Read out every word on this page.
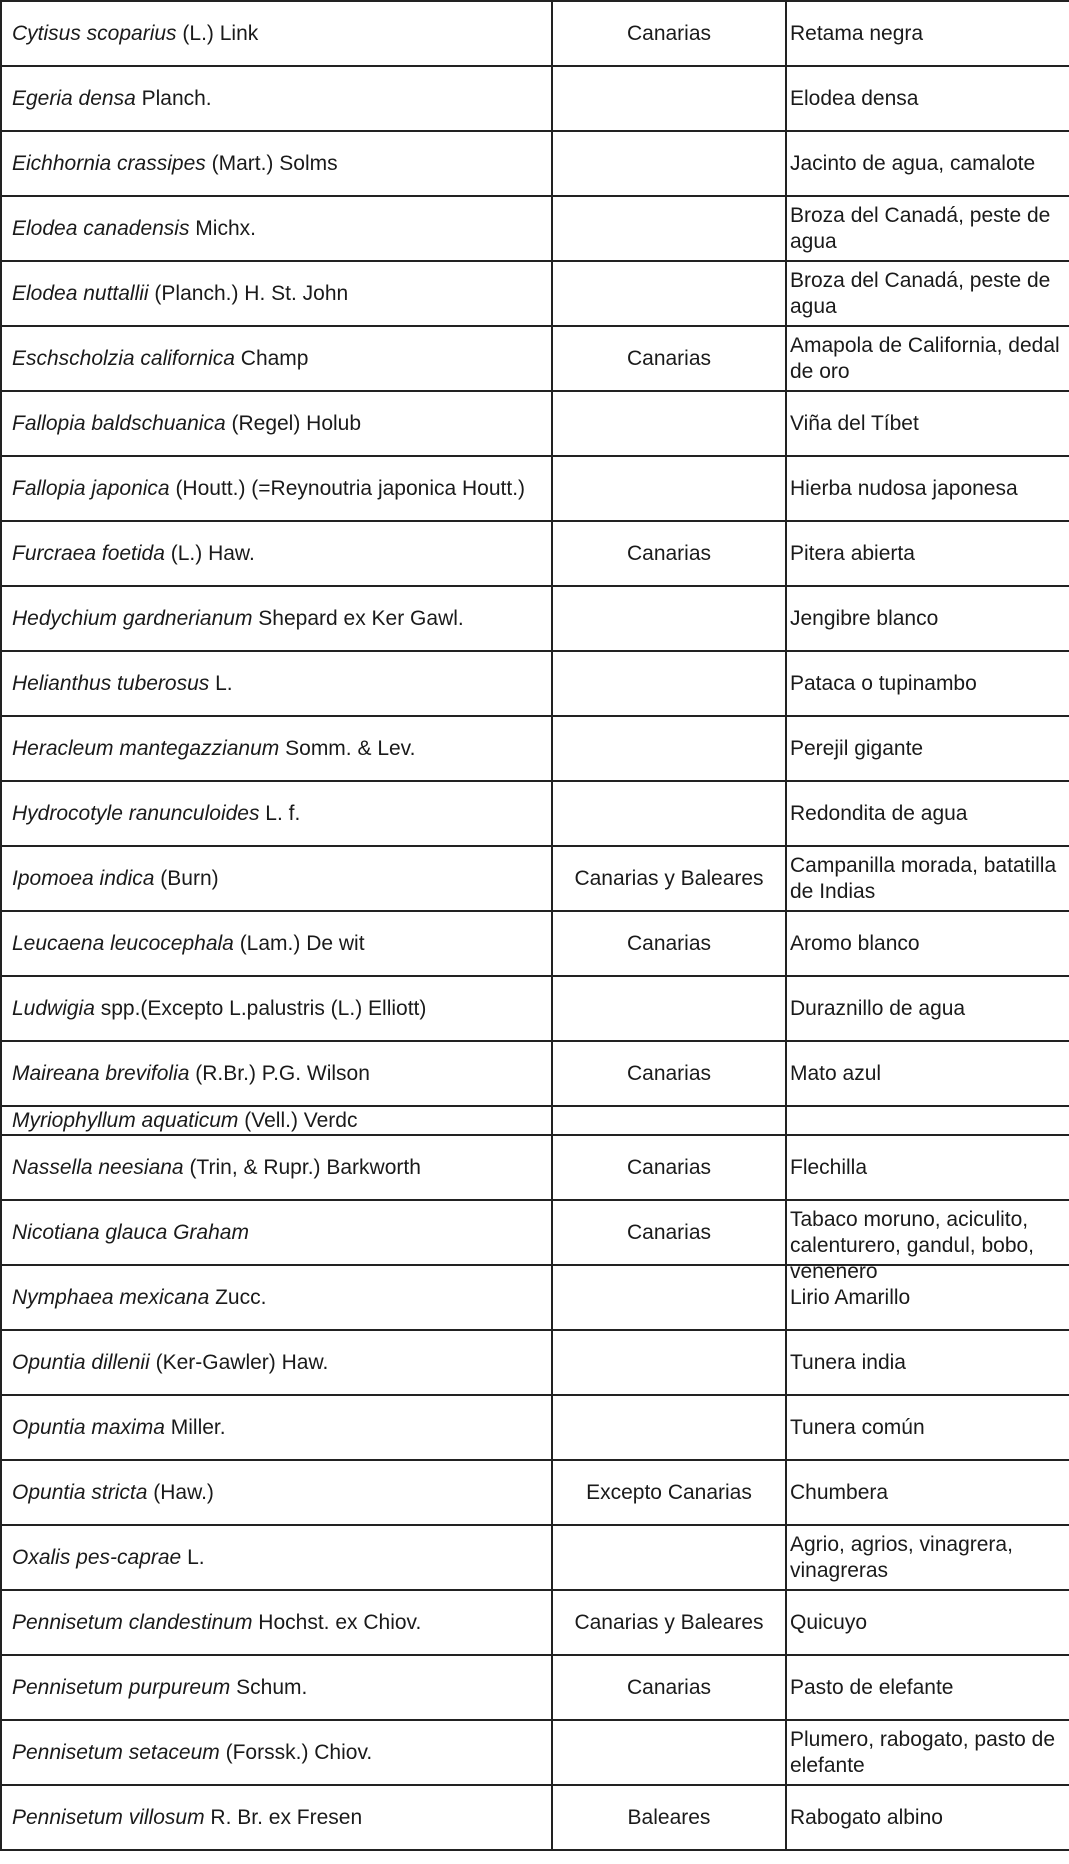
Cytisus scoparius (L.) Link	Canarias	Retama negra

Egeria densa Planch.		Elodea densa

Eichhornia crassipes (Mart.) Solms		Jacinto de agua, camalote

Elodea canadensis Michx.		Broza del Canadá, peste de agua

Elodea nuttallii (Planch.) H. St. John		Broza del Canadá, peste de agua

Eschscholzia californica Champ	Canarias	Amapola de California, dedal de oro

Fallopia baldschuanica (Regel) Holub		Viña del Tíbet

Fallopia japonica (Houtt.) (=Reynoutria japonica Houtt.)		Hierba nudosa japonesa

Furcraea foetida (L.) Haw.	Canarias	Pitera abierta

Hedychium gardnerianum Shepard ex Ker Gawl.		Jengibre blanco

Helianthus tuberosus L.		Pataca o tupinambo

Heracleum mantegazzianum Somm. & Lev.		Perejil gigante

Hydrocotyle ranunculoides L. f.		Redondita de agua

Ipomoea indica (Burn)	Canarias y Baleares	Campanilla morada, batatilla de Indias

Leucaena leucocephala (Lam.) De wit	Canarias	Aromo blanco

Ludwigia spp.(Excepto L.palustris (L.) Elliott)		Duraznillo de agua

Maireana brevifolia (R.Br.) P.G. Wilson	Canarias	Mato azul

Myriophyllum aquaticum (Vell.) Verdc		

Nassella neesiana (Trin, & Rupr.) Barkworth	Canarias	Flechilla

Nicotiana glauca Graham	Canarias	Tabaco moruno, aciculito, calenturero, gandul, bobo, venenero

Nymphaea mexicana Zucc.		Lirio Amarillo

Opuntia dillenii (Ker-Gawler) Haw.		Tunera india

Opuntia maxima Miller.		Tunera común

Opuntia stricta (Haw.)	Excepto Canarias	Chumbera

Oxalis pes-caprae L.		Agrio, agrios, vinagrera, vinagreras

Pennisetum clandestinum Hochst. ex Chiov.	Canarias y Baleares	Quicuyo

Pennisetum purpureum Schum.	Canarias	Pasto de elefante

Pennisetum setaceum (Forssk.) Chiov.		Plumero, rabogato, pasto de elefante

Pennisetum villosum R. Br. ex Fresen	Baleares	Rabogato albino
